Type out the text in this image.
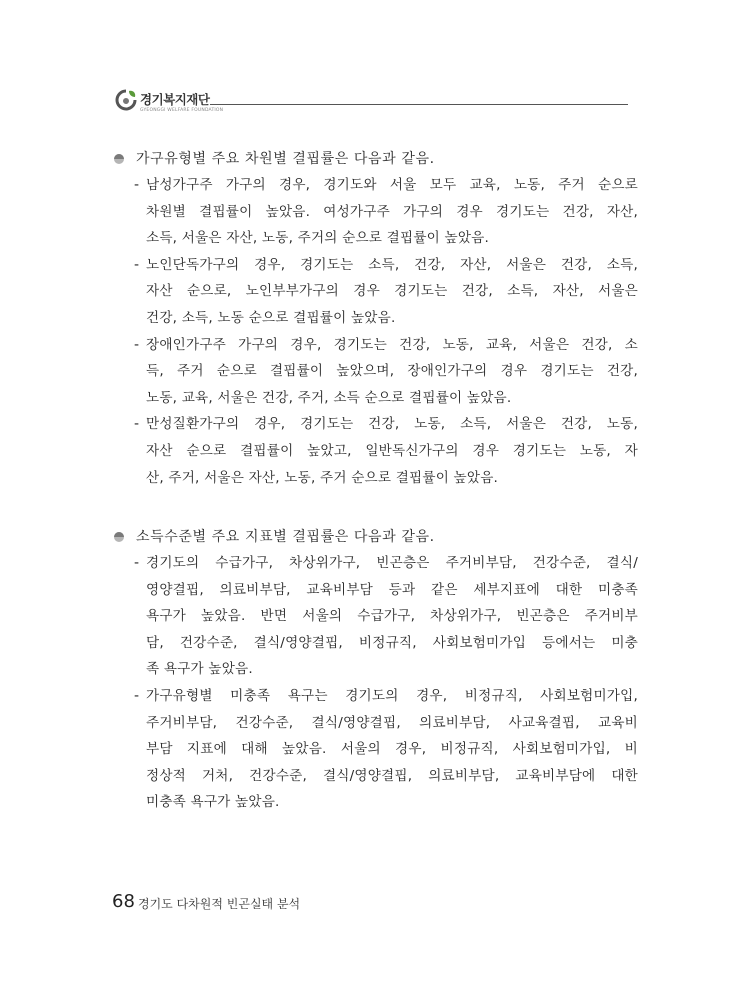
경기복지재단
GYEONGGI WELFARE FOUNDATION
가구유형별 주요 차원별 결핍률은 다음과 같음.
- 남성가구주 가구의 경우, 경기도와 서울 모두 교육, 노동, 주거 순으로
차원별 결핍률이 높았음. 여성가구주 가구의 경우 경기도는 건강, 자산,
소득, 서울은 자산, 노동, 주거의 순으로 결핍률이 높았음.
- 노인단독가구의 경우, 경기도는 소득, 건강, 자산, 서울은 건강, 소득,
자산 순으로, 노인부부가구의 경우 경기도는 건강, 소득, 자산, 서울은
건강, 소득, 노동 순으로 결핍률이 높았음.
- 장애인가구주 가구의 경우, 경기도는 건강, 노동, 교육, 서울은 건강, 소
득, 주거 순으로 결핍률이 높았으며, 장애인가구의 경우 경기도는 건강,
노동, 교육, 서울은 건강, 주거, 소득 순으로 결핍률이 높았음.
- 만성질환가구의 경우, 경기도는 건강, 노동, 소득, 서울은 건강, 노동,
자산 순으로 결핍률이 높았고, 일반독신가구의 경우 경기도는 노동, 자
산, 주거, 서울은 자산, 노동, 주거 순으로 결핍률이 높았음.
소득수준별 주요 지표별 결핍률은 다음과 같음.
- 경기도의 수급가구, 차상위가구, 빈곤층은 주거비부담, 건강수준, 결식/
영양결핍, 의료비부담, 교육비부담 등과 같은 세부지표에 대한 미충족
욕구가 높았음. 반면 서울의 수급가구, 차상위가구, 빈곤층은 주거비부
담, 건강수준, 결식/영양결핍, 비정규직, 사회보험미가입 등에서는 미충
족 욕구가 높았음.
- 가구유형별 미충족 욕구는 경기도의 경우, 비정규직, 사회보험미가입,
주거비부담, 건강수준, 결식/영양결핍, 의료비부담, 사교육결핍, 교육비
부담 지표에 대해 높았음. 서울의 경우, 비정규직, 사회보험미가입, 비
정상적 거처, 건강수준, 결식/영양결핍, 의료비부담, 교육비부담에 대한
미충족 욕구가 높았음.
68 경기도 다차원적 빈곤실태 분석
